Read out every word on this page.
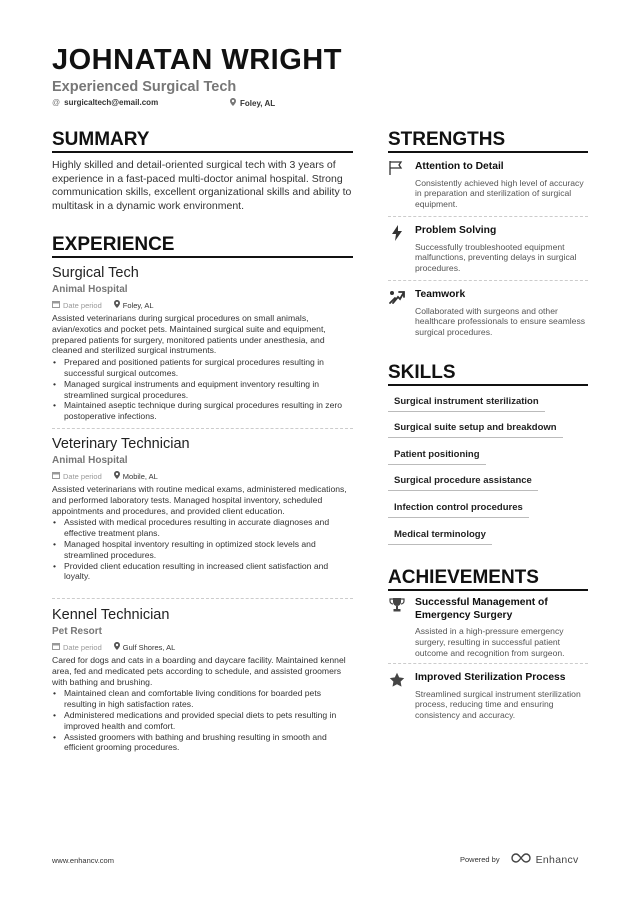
JOHNATAN WRIGHT
Experienced Surgical Tech
@ surgicaltech@email.com	Foley, AL
SUMMARY
Highly skilled and detail-oriented surgical tech with 3 years of experience in a fast-paced multi-doctor animal hospital. Strong communication skills, excellent organizational skills and ability to multitask in a dynamic work environment.
EXPERIENCE
Surgical Tech
Animal Hospital
Date period	Foley, AL
Assisted veterinarians during surgical procedures on small animals, avian/exotics and pocket pets. Maintained surgical suite and equipment, prepared patients for surgery, monitored patients under anesthesia, and cleaned and sterilized surgical instruments.
• Prepared and positioned patients for surgical procedures resulting in successful surgical outcomes.
• Managed surgical instruments and equipment inventory resulting in streamlined surgical procedures.
• Maintained aseptic technique during surgical procedures resulting in zero postoperative infections.
Veterinary Technician
Animal Hospital
Date period	Mobile, AL
Assisted veterinarians with routine medical exams, administered medications, and performed laboratory tests. Managed hospital inventory, scheduled appointments and procedures, and provided client education.
• Assisted with medical procedures resulting in accurate diagnoses and effective treatment plans.
• Managed hospital inventory resulting in optimized stock levels and streamlined procedures.
• Provided client education resulting in increased client satisfaction and loyalty.
Kennel Technician
Pet Resort
Date period	Gulf Shores, AL
Cared for dogs and cats in a boarding and daycare facility. Maintained kennel area, fed and medicated pets according to schedule, and assisted groomers with bathing and brushing.
• Maintained clean and comfortable living conditions for boarded pets resulting in high satisfaction rates.
• Administered medications and provided special diets to pets resulting in improved health and comfort.
• Assisted groomers with bathing and brushing resulting in smooth and efficient grooming procedures.
STRENGTHS
Attention to Detail
Consistently achieved high level of accuracy in preparation and sterilization of surgical equipment.
Problem Solving
Successfully troubleshooted equipment malfunctions, preventing delays in surgical procedures.
Teamwork
Collaborated with surgeons and other healthcare professionals to ensure seamless surgical procedures.
SKILLS
Surgical instrument sterilization
Surgical suite setup and breakdown
Patient positioning
Surgical procedure assistance
Infection control procedures
Medical terminology
ACHIEVEMENTS
Successful Management of Emergency Surgery
Assisted in a high-pressure emergency surgery, resulting in successful patient outcome and recognition from surgeon.
Improved Sterilization Process
Streamlined surgical instrument sterilization process, reducing time and ensuring consistency and accuracy.
www.enhancv.com	Powered by	Enhancv
